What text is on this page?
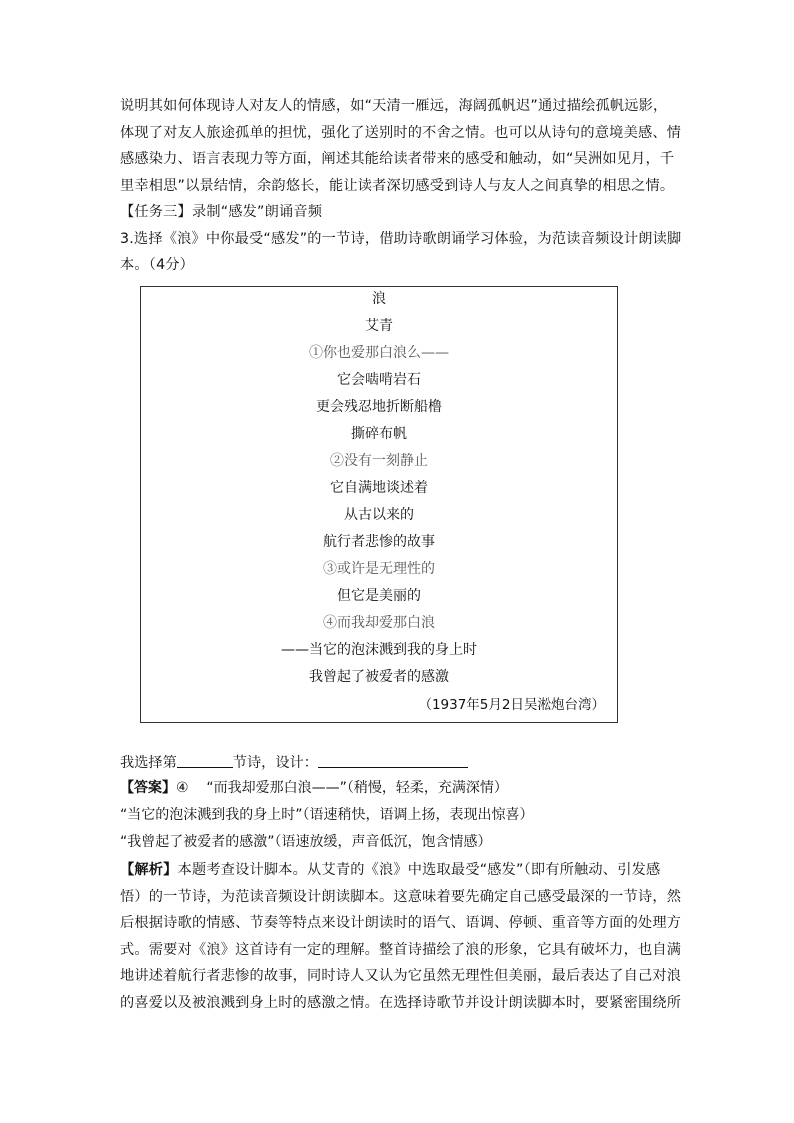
说明其如何体现诗人对友人的情感，如“天清一雁远，海阔孤帆迟”通过描绘孤帆远影，
体现了对友人旅途孤单的担忧，强化了送别时的不舍之情。也可以从诗句的意境美感、情
感感染力、语言表现力等方面，阐述其能给读者带来的感受和触动，如“吴洲如见月，千
里幸相思”以景结情，余韵悠长，能让读者深切感受到诗人与友人之间真挚的相思之情。
【任务三】录制“感发”朗诵音频
3.选择《浪》中你最受“感发”的一节诗，借助诗歌朗诵学习体验，为范读音频设计朗读脚
本。（4分）
浪
艾青
①你也爱那白浪么——
它会啮啃岩石
更会残忍地折断船橹
撕碎布帆
②没有一刻静止
它自满地谈述着
从古以来的
航行者悲惨的故事
③或许是无理性的
但它是美丽的
④而我却爱那白浪
——当它的泡沫溅到我的身上时
我曾起了被爱者的感激
（1937年5月2日吴淞炮台湾）
我选择第	节诗，设计：
【答案】④ “而我却爱那白浪——”（稍慢，轻柔，充满深情）
“当它的泡沫溅到我的身上时”（语速稍快，语调上扬，表现出惊喜）
“我曾起了被爱者的感激”（语速放缓，声音低沉，饱含情感）
【解析】本题考查设计脚本。从艾青的《浪》中选取最受“感发”（即有所触动、引发感
悟）的一节诗，为范读音频设计朗读脚本。这意味着要先确定自己感受最深的一节诗，然
后根据诗歌的情感、节奏等特点来设计朗读时的语气、语调、停顿、重音等方面的处理方
式。需要对《浪》这首诗有一定的理解。整首诗描绘了浪的形象，它具有破坏力，也自满
地讲述着航行者悲惨的故事，同时诗人又认为它虽然无理性但美丽，最后表达了自己对浪
的喜爱以及被浪溅到身上时的感激之情。在选择诗歌节并设计朗读脚本时，要紧密围绕所
